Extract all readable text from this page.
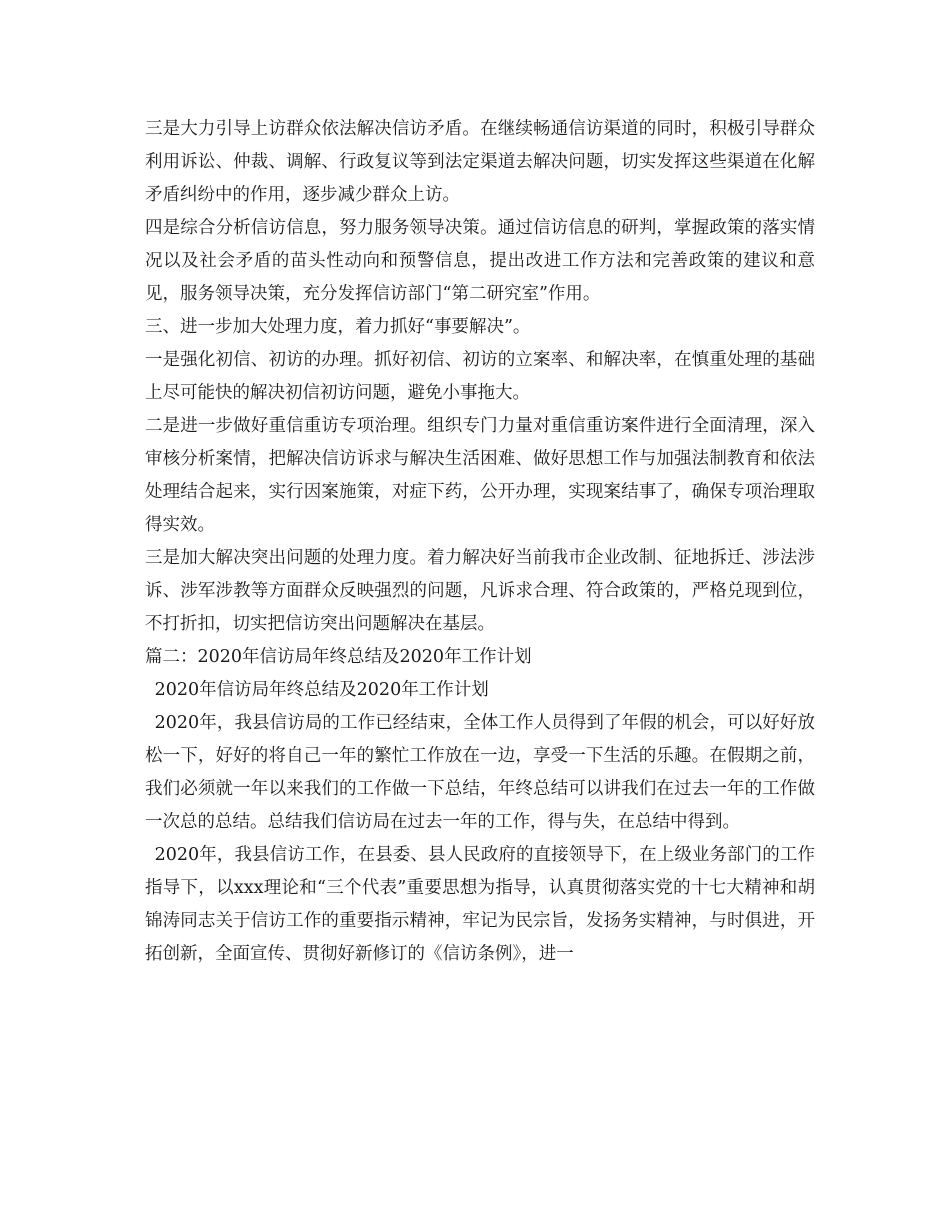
三是大力引导上访群众依法解决信访矛盾。在继续畅通信访渠道的同时，积极引导群众利用诉讼、仲裁、调解、行政复议等到法定渠道去解决问题，切实发挥这些渠道在化解矛盾纠纷中的作用，逐步减少群众上访。

四是综合分析信访信息，努力服务领导决策。通过信访信息的研判，掌握政策的落实情况以及社会矛盾的苗头性动向和预警信息，提出改进工作方法和完善政策的建议和意见，服务领导决策，充分发挥信访部门“第二研究室”作用。

三、进一步加大处理力度，着力抓好“事要解决”。

一是强化初信、初访的办理。抓好初信、初访的立案率、和解决率，在慎重处理的基础上尽可能快的解决初信初访问题，避免小事拖大。

二是进一步做好重信重访专项治理。组织专门力量对重信重访案件进行全面清理，深入审核分析案情，把解决信访诉求与解决生活困难、做好思想工作与加强法制教育和依法处理结合起来，实行因案施策，对症下药，公开办理，实现案结事了，确保专项治理取得实效。

三是加大解决突出问题的处理力度。着力解决好当前我市企业改制、征地拆迁、涉法涉诉、涉军涉教等方面群众反映强烈的问题，凡诉求合理、符合政策的，严格兑现到位，不打折扣，切实把信访突出问题解决在基层。

篇二：2020年信访局年终总结及2020年工作计划

2020年信访局年终总结及2020年工作计划

2020年，我县信访局的工作已经结束，全体工作人员得到了年假的机会，可以好好放松一下，好好的将自己一年的繁忙工作放在一边，享受一下生活的乐趣。在假期之前，我们必须就一年以来我们的工作做一下总结，年终总结可以讲我们在过去一年的工作做一次总的总结。总结我们信访局在过去一年的工作，得与失，在总结中得到。

2020年，我县信访工作，在县委、县人民政府的直接领导下，在上级业务部门的工作指导下，以xxx理论和“三个代表”重要思想为指导，认真贯彻落实党的十七大精神和胡锦涛同志关于信访工作的重要指示精神，牢记为民宗旨，发扬务实精神，与时俱进，开拓创新，全面宣传、贯彻好新修订的《信访条例》，进一
